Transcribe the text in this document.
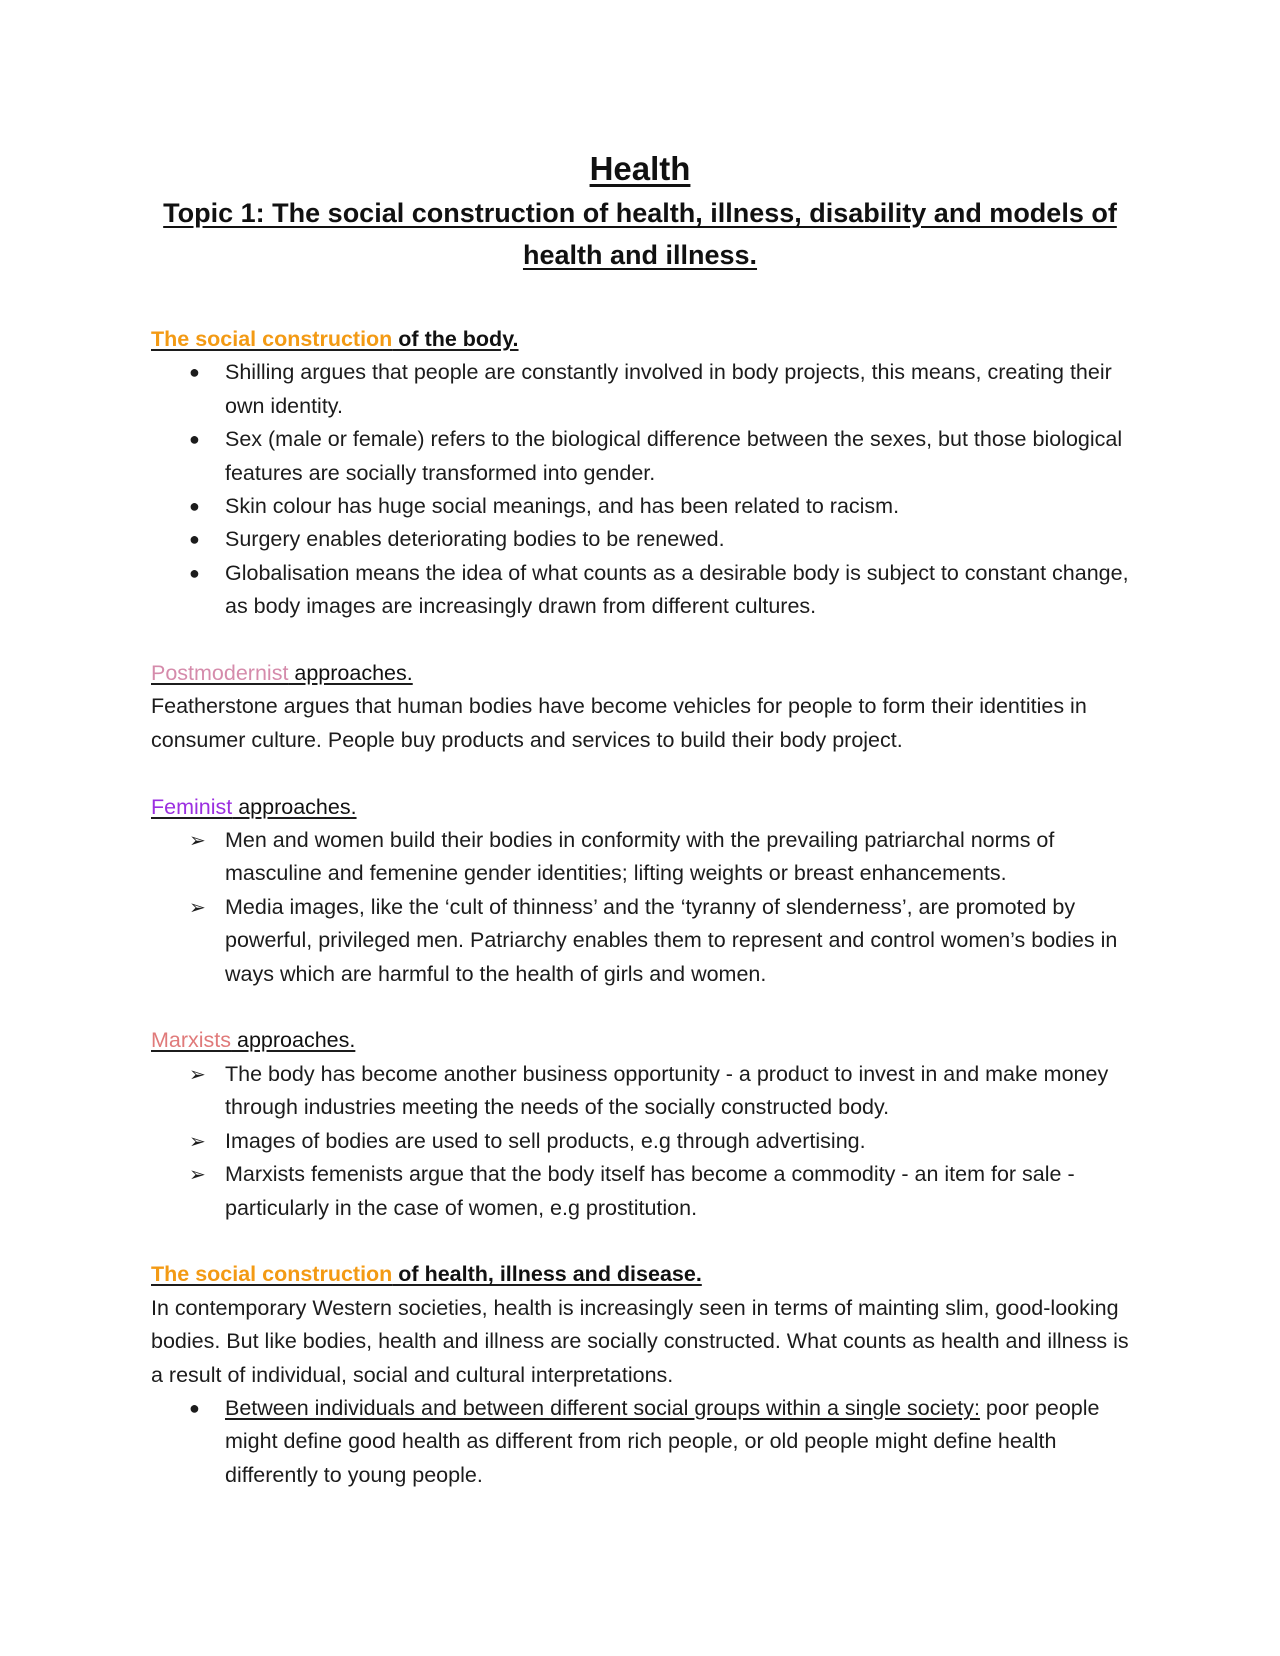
Health
Topic 1: The social construction of health, illness, disability and models of health and illness.
The social construction of the body.
●	Shilling argues that people are constantly involved in body projects, this means, creating their own identity.
●	Sex (male or female) refers to the biological difference between the sexes, but those biological features are socially transformed into gender.
●	Skin colour has huge social meanings, and has been related to racism.
●	Surgery enables deteriorating bodies to be renewed.
●	Globalisation means the idea of what counts as a desirable body is subject to constant change, as body images are increasingly drawn from different cultures.
Postmodernist approaches.

Featherstone argues that human bodies have become vehicles for people to form their identities in consumer culture. People buy products and services to build their body project.

Feminist approaches.
➢ Men and women build their bodies in conformity with the prevailing patriarchal norms of masculine and femenine gender identities; lifting weights or breast enhancements.
➢ Media images, like the ‘cult of thinness’ and the ‘tyranny of slenderness’, are promoted by powerful, privileged men. Patriarchy enables them to represent and control women’s bodies in ways which are harmful to the health of girls and women.
Marxists approaches.
➢ The body has become another business opportunity - a product to invest in and make money through industries meeting the needs of the socially constructed body.
➢ Images of bodies are used to sell products, e.g through advertising.
➢ Marxists femenists argue that the body itself has become a commodity - an item for sale - particularly in the case of women, e.g prostitution.
The social construction of health, illness and disease.

In contemporary Western societies, health is increasingly seen in terms of mainting slim, good-looking bodies. But like bodies, health and illness are socially constructed. What counts as health and illness is a result of individual, social and cultural interpretations.

●	Between individuals and between different social groups within a single society: poor people might define good health as different from rich people, or old people might define health differently to young people.
